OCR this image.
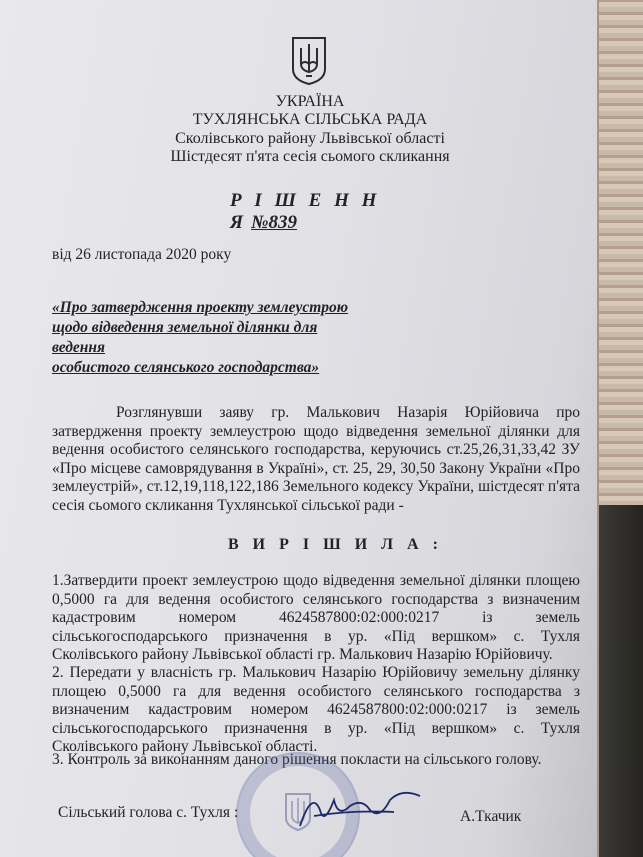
УКРАЇНА
ТУХЛЯНСЬКА СІЛЬСЬКА РАДА
Сколівського району Львівської області
Шістдесят п'ята сесія сьомого скликання
Р І Ш Е Н Н Я №839
від 26 листопада 2020 року
«Про затвердження проекту землеустрою
щодо відведення земельної ділянки для ведення
особистого селянського господарства»
Розглянувши заяву гр. Малькович Назарія Юрійовича про затвердження проекту землеустрою щодо відведення земельної ділянки для ведення особистого селянського господарства, керуючись ст.25,26,31,33,42 ЗУ «Про місцеве самоврядування в Україні», ст. 25, 29, 30,50 Закону України «Про землеустрій», ст.12,19,118,122,186 Земельного кодексу України, шістдесят п'ята сесія сьомого скликання Тухлянської сільської ради -
В И Р І Ш И Л А :
1.Затвердити проект землеустрою щодо відведення земельної ділянки площею 0,5000 га для ведення особистого селянського господарства з визначеним кадастровим номером 4624587800:02:000:0217 із земель сільськогосподарського призначення в ур. «Під вершком» с. Тухля Сколівського району Львівської області гр. Малькович Назарію Юрійовичу.
2. Передати у власність гр. Малькович Назарію Юрійовичу земельну ділянку площею 0,5000 га для ведення особистого селянського господарства з визначеним кадастровим номером 4624587800:02:000:0217 із земель сільськогосподарського призначення в ур. «Під вершком» с. Тухля Сколівського району Львівської області.
3. Контроль за виконанням даного рішення покласти на сільського голову.
Сільський голова с. Тухля :	А.Ткачик
